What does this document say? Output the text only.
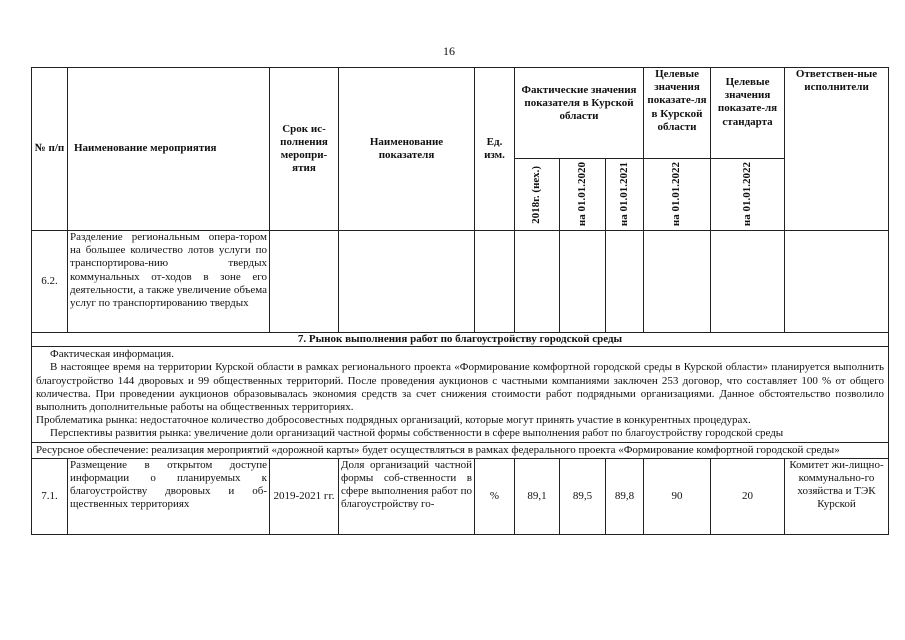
16
№ п/п	Наименование мероприятия	Срок ис-полнения меропри-ятия	Наименование показателя	Ед. изм.	Фактические значения показателя в Курской области			Целевые значения показате-ля в Курской области	Целевые значения показате-ля стандарта	Ответствен-ные исполнители

					2018г. (нех.)	на 01.01.2020	на 01.01.2021	на 01.01.2022	на 01.01.2022	

6.2.	Разделение региональным опера-тором на большее количество лотов услуги по транспортирова-нию твердых коммунальных от-ходов в зоне его деятельности, а также увеличение объема услуг по транспортированию твердых									

7. Рынок выполнения работ по благоустройству городской среды										

Фактическая информация.
В настоящее время на территории Курской области в рамках регионального проекта «Формирование комфортной городской среды в Курской области» планируется выполнить благоустройство 144 дворовых и 99 общественных территорий. После проведения аукционов с частными компаниями заключен 253 договор, что составляет 100 % от общего количества. При проведении аукционов образовывалась экономия средств за счет снижения стоимости работ подрядными организациями. Данное обстоятельство позволило выполнить дополнительные работы на общественных территориях.
Проблематика рынка: недостаточное количество добросовестных подрядных организаций, которые могут принять участие в конкурентных процедурах.
Перспективы развития рынка: увеличение доли организаций частной формы собственности в сфере выполнения работ по благоустройству городской среды										

Ресурсное обеспечение: реализация мероприятий «дорожной карты» будет осуществляться в рамках федерального проекта «Формирование комфортной городской среды»										
7.1.	Размещение в открытом доступе информации о планируемых к благоустройству дворовых и об-щественных территориях	2019-2021 гг.	Доля организаций частной формы соб-ственности в сфере выполнения работ по благоустройству го-	%	89,1	89,5	89,8	90	20	Комитет жи-лищно-коммунально-го хозяйства и ТЭК Курской
